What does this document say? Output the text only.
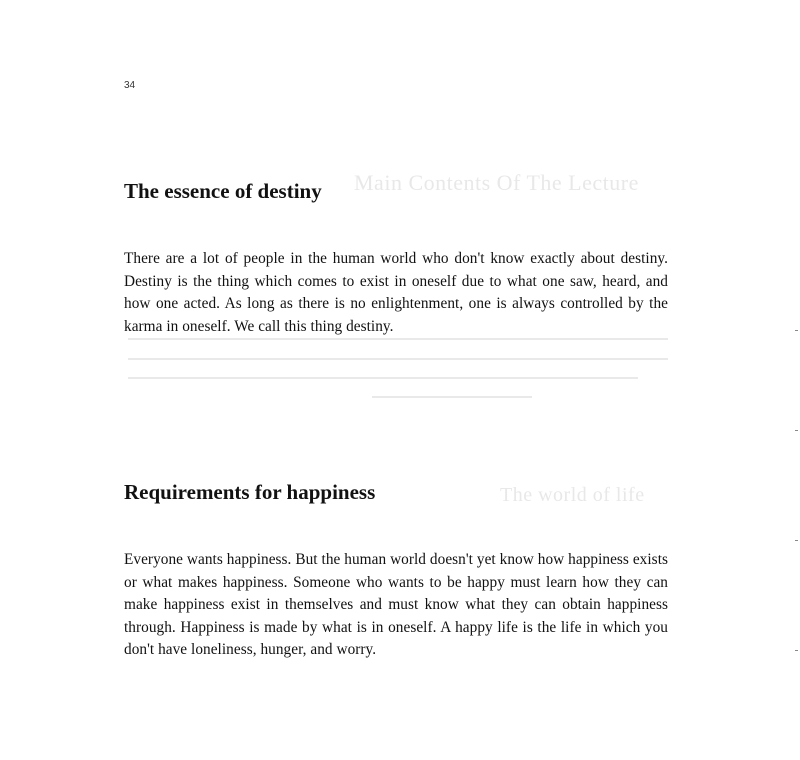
34
Main Contents Of The Lecture
The world of life
The essence of destiny

There are a lot of people in the human world who don't know exactly about destiny. Destiny is the thing which comes to exist in oneself due to what one saw, heard, and how one acted. As long as there is no enlightenment, one is always controlled by the karma in oneself. We call this thing destiny.

Requirements for happiness

Everyone wants happiness. But the human world doesn't yet know how happiness exists or what makes happiness. Someone who wants to be happy must learn how they can make happiness exist in themselves and must know what they can obtain happiness through. Happiness is made by what is in oneself. A happy life is the life in which you don't have loneliness, hunger, and worry.
